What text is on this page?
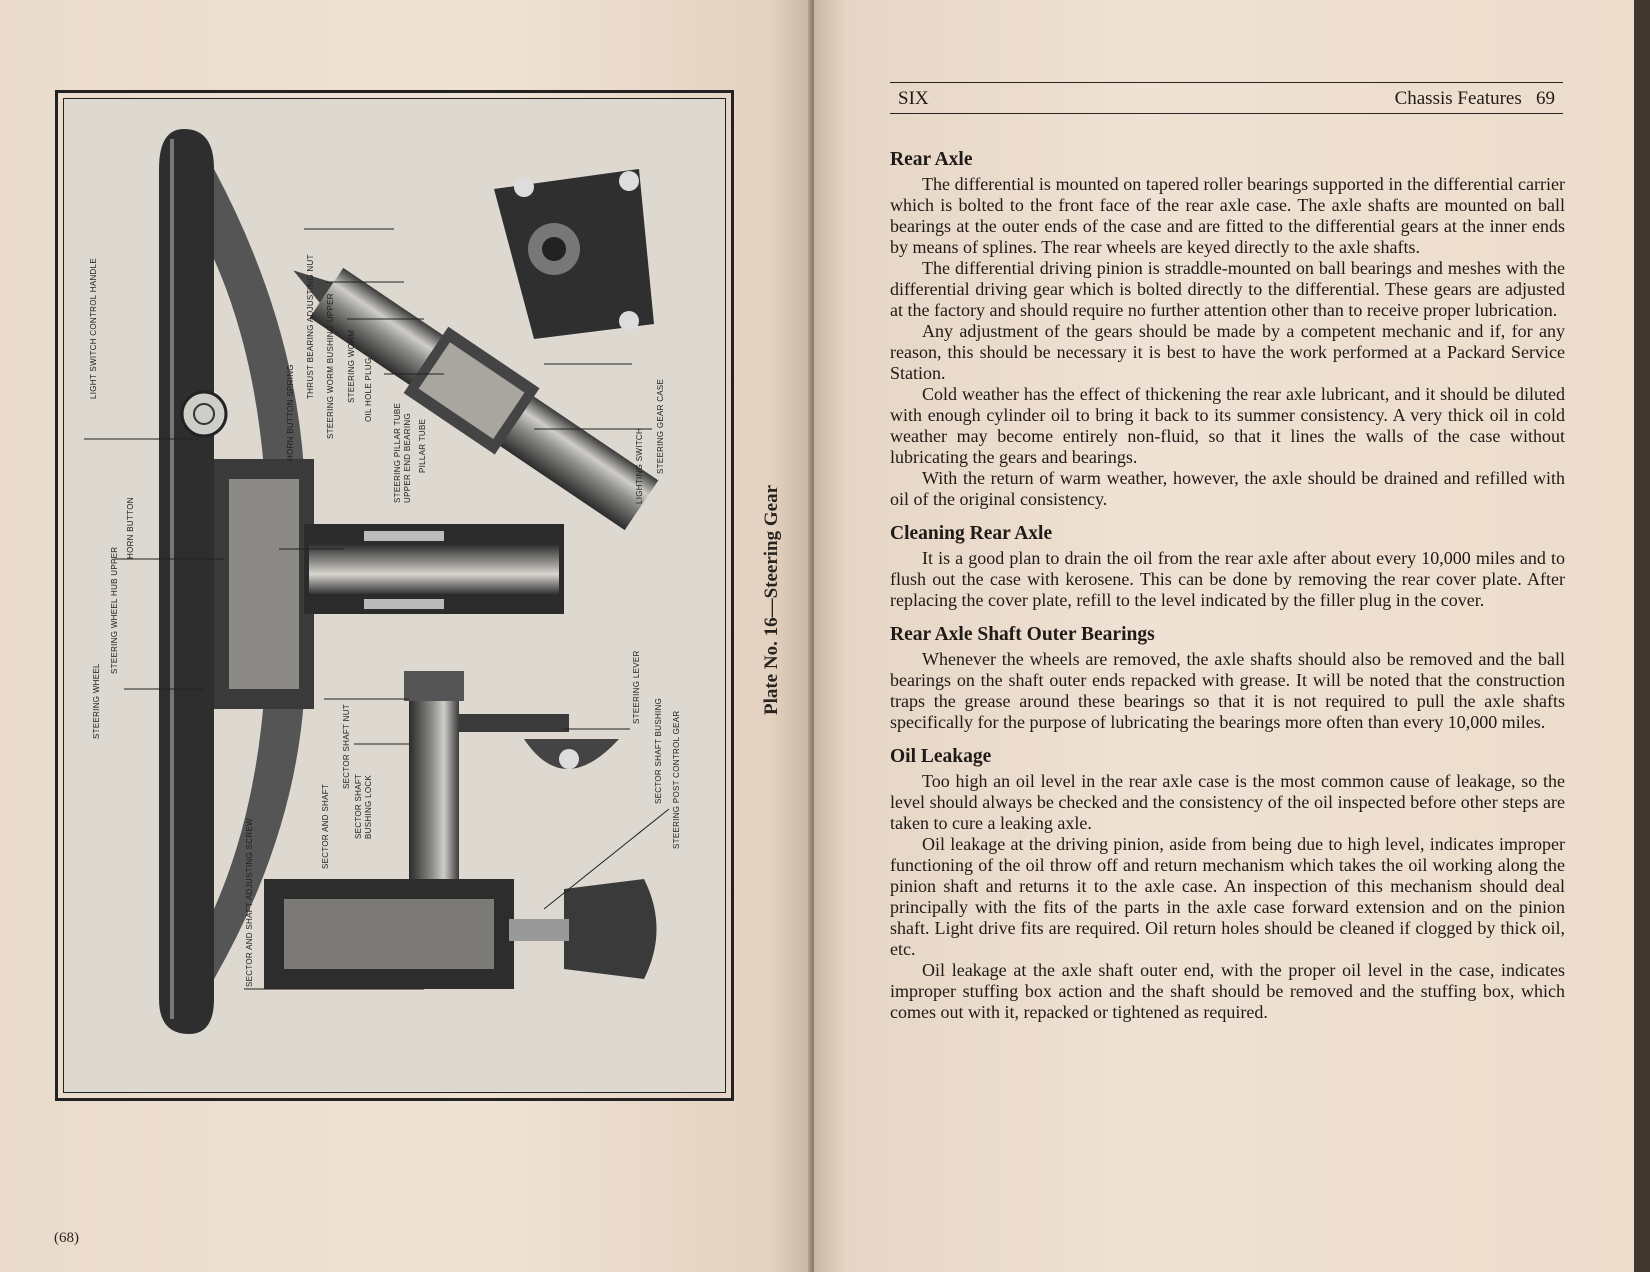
LIGHT SWITCH CONTROL HANDLE
STEERING WHEEL
STEERING WHEEL HUB UPPER
HORN BUTTON
HORN BUTTON SPRING
THRUST BEARING ADJUSTING NUT STEERING WORM BUSHING UPPER STEERING WORM OIL HOLE PLUG
STEERING PILLAR TUBE UPPER END BEARING PILLAR TUBE	LIGHTING SWITCH STEERING GEAR CASE
STEERING LEVER
SECTOR SHAFT BUSHING STEERING POST CONTROL GEAR
SECTOR SHAFT NUT
SECTOR SHAFT BUSHING LOCK
SECTOR AND SHAFT
SECTOR AND SHAFT ADJUSTING SCREW
Plate No. 16—Steering Gear
(68)
SIX	Chassis Features   69
Rear Axle

The differential is mounted on tapered roller bearings supported in the differential carrier which is bolted to the front face of the rear axle case. The axle shafts are mounted on ball bearings at the outer ends of the case and are fitted to the differential gears at the inner ends by means of splines. The rear wheels are keyed directly to the axle shafts.

The differential driving pinion is straddle-mounted on ball bearings and meshes with the differential driving gear which is bolted directly to the differential. These gears are adjusted at the factory and should require no further attention other than to receive proper lubrication.

Any adjustment of the gears should be made by a competent mechanic and if, for any reason, this should be necessary it is best to have the work performed at a Packard Service Station.

Cold weather has the effect of thickening the rear axle lubricant, and it should be diluted with enough cylinder oil to bring it back to its summer consistency. A very thick oil in cold weather may become entirely non-fluid, so that it lines the walls of the case without lubricating the gears and bearings.

With the return of warm weather, however, the axle should be drained and refilled with oil of the original consistency.

Cleaning Rear Axle

It is a good plan to drain the oil from the rear axle after about every 10,000 miles and to flush out the case with kerosene. This can be done by removing the rear cover plate. After replacing the cover plate, refill to the level indicated by the filler plug in the cover.

Rear Axle Shaft Outer Bearings

Whenever the wheels are removed, the axle shafts should also be removed and the ball bearings on the shaft outer ends repacked with grease. It will be noted that the construction traps the grease around these bearings so that it is not required to pull the axle shafts specifically for the purpose of lubricating the bearings more often than every 10,000 miles.

Oil Leakage

Too high an oil level in the rear axle case is the most common cause of leakage, so the level should always be checked and the consistency of the oil inspected before other steps are taken to cure a leaking axle.

Oil leakage at the driving pinion, aside from being due to high level, indicates improper functioning of the oil throw off and return mechanism which takes the oil working along the pinion shaft and returns it to the axle case. An inspection of this mechanism should deal principally with the fits of the parts in the axle case forward extension and on the pinion shaft. Light drive fits are required. Oil return holes should be cleaned if clogged by thick oil, etc.

Oil leakage at the axle shaft outer end, with the proper oil level in the case, indicates improper stuffing box action and the shaft should be removed and the stuffing box, which comes out with it, repacked or tightened as required.
